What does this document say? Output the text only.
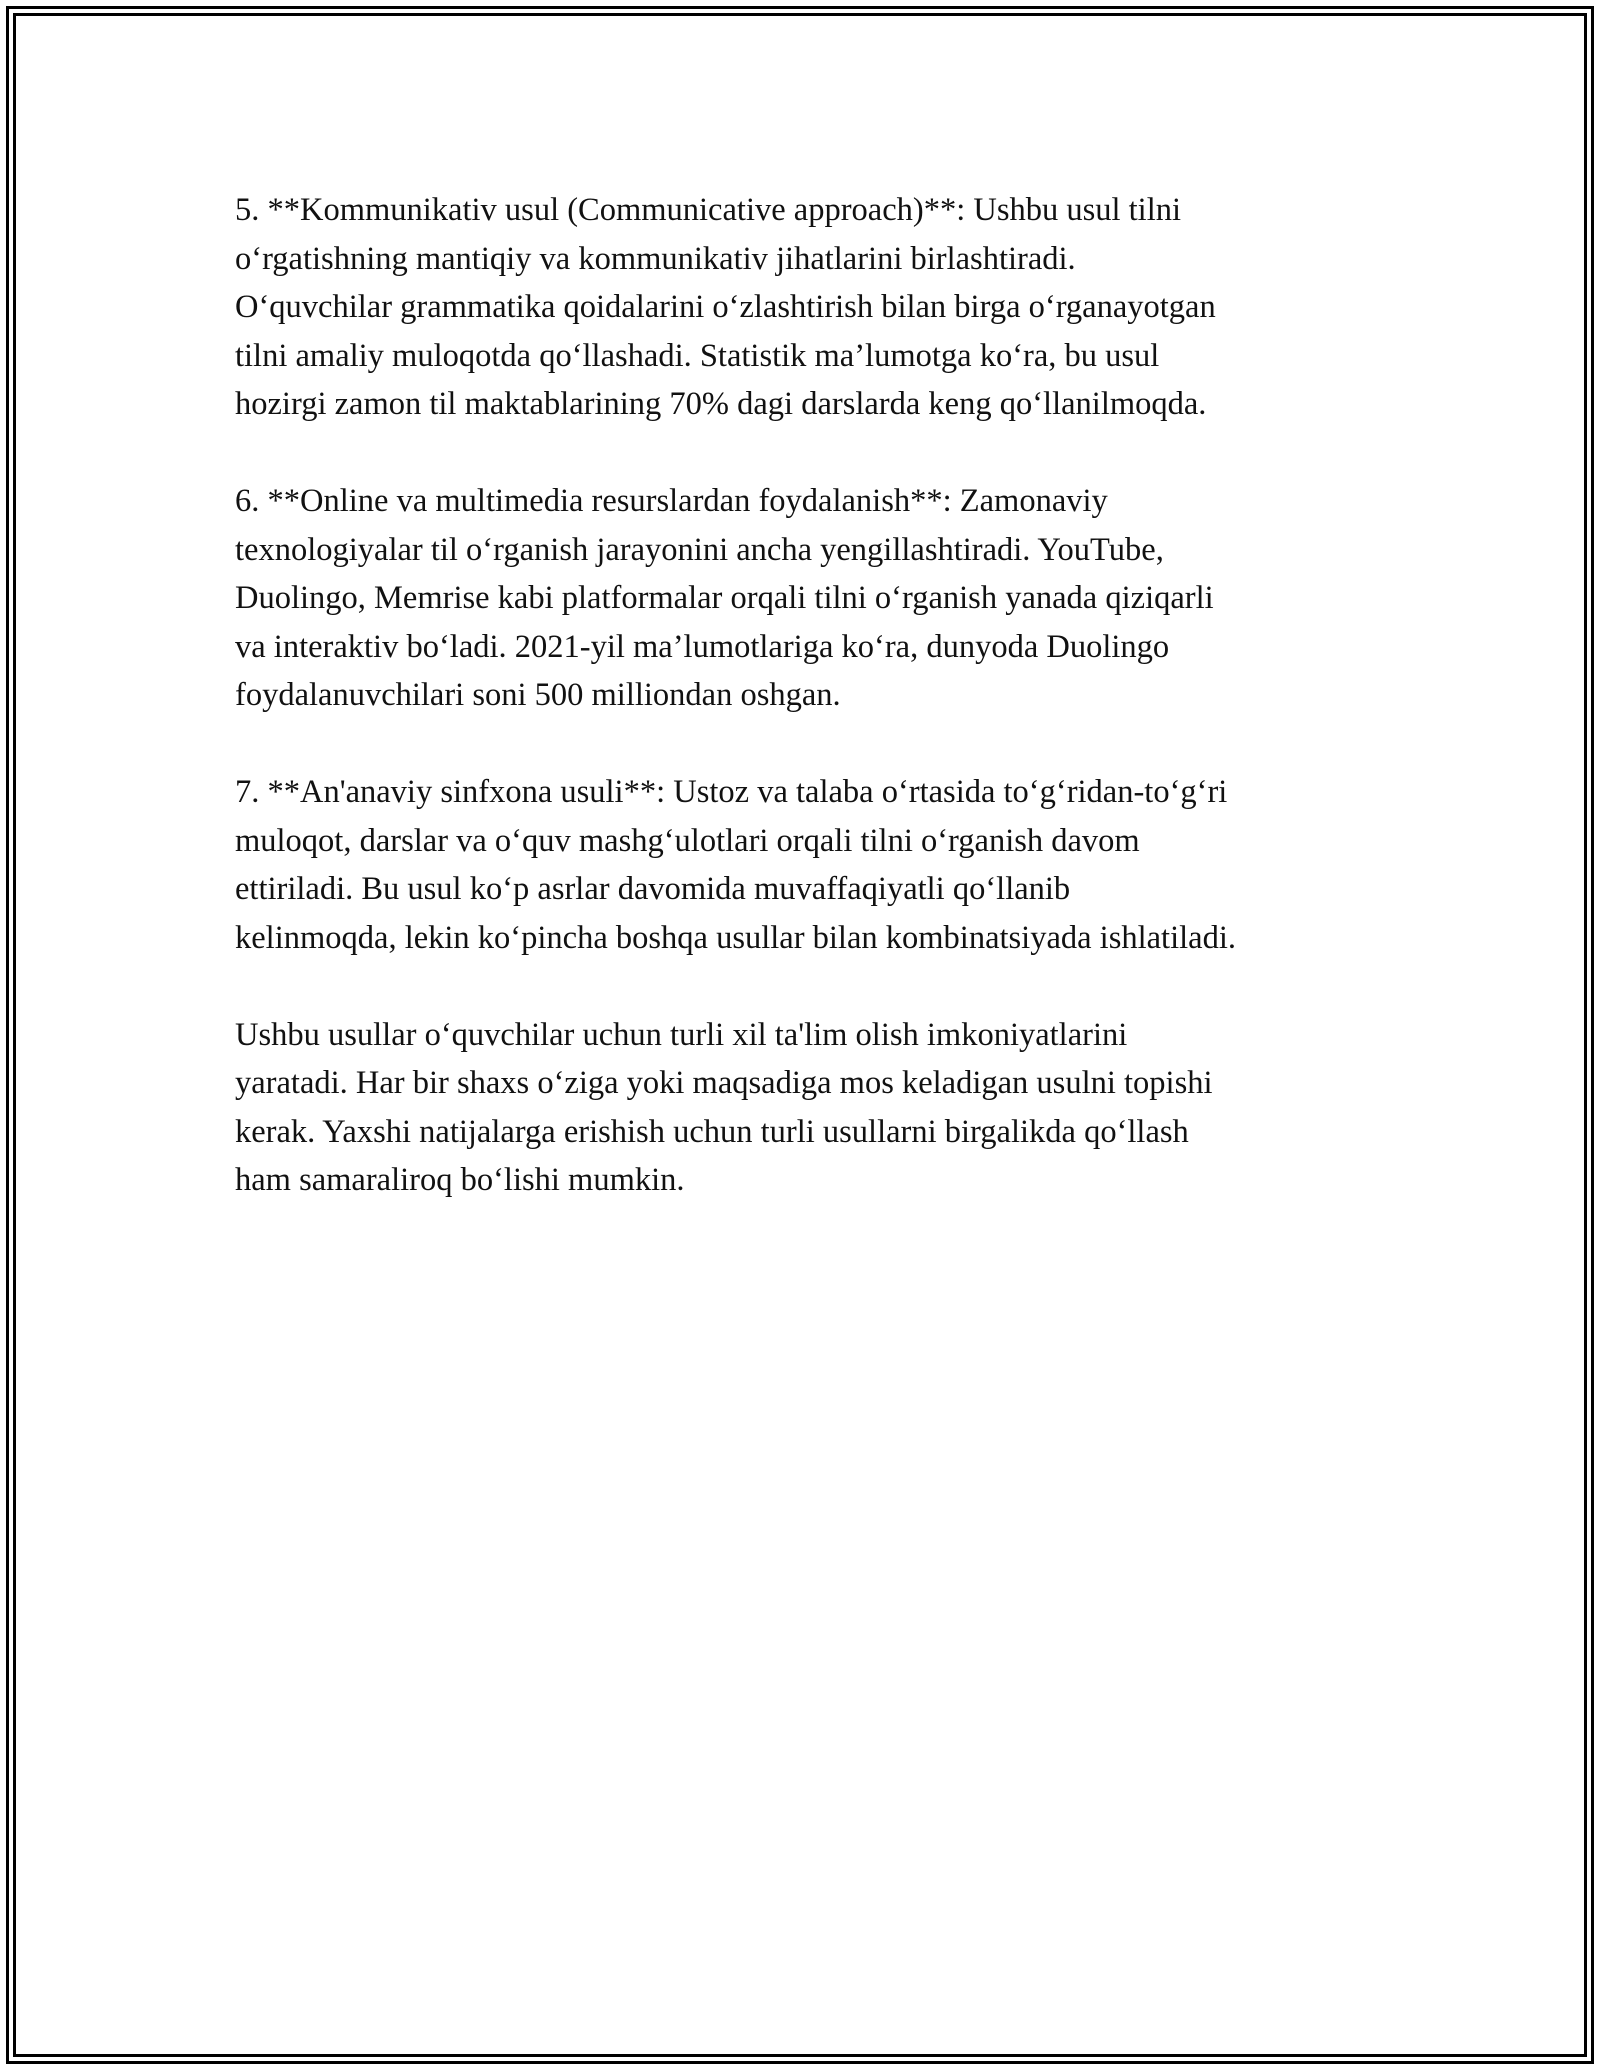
5. **Kommunikativ usul (Communicative approach)**: Ushbu usul tilni
o‘rgatishning mantiqiy va kommunikativ jihatlarini birlashtiradi.
O‘quvchilar grammatika qoidalarini o‘zlashtirish bilan birga o‘rganayotgan
tilni amaliy muloqotda qo‘llashadi. Statistik ma’lumotga ko‘ra, bu usul
hozirgi zamon til maktablarining 70% dagi darslarda keng qo‘llanilmoqda.

6. **Online va multimedia resurslardan foydalanish**: Zamonaviy
texnologiyalar til o‘rganish jarayonini ancha yengillashtiradi. YouTube,
Duolingo, Memrise kabi platformalar orqali tilni o‘rganish yanada qiziqarli
va interaktiv bo‘ladi. 2021-yil ma’lumotlariga ko‘ra, dunyoda Duolingo
foydalanuvchilari soni 500 milliondan oshgan.

7. **An'anaviy sinfxona usuli**: Ustoz va talaba o‘rtasida to‘g‘ridan-to‘g‘ri
muloqot, darslar va o‘quv mashg‘ulotlari orqali tilni o‘rganish davom
ettiriladi. Bu usul ko‘p asrlar davomida muvaffaqiyatli qo‘llanib
kelinmoqda, lekin ko‘pincha boshqa usullar bilan kombinatsiyada ishlatiladi.

Ushbu usullar o‘quvchilar uchun turli xil ta'lim olish imkoniyatlarini
yaratadi. Har bir shaxs o‘ziga yoki maqsadiga mos keladigan usulni topishi
kerak. Yaxshi natijalarga erishish uchun turli usullarni birgalikda qo‘llash
ham samaraliroq bo‘lishi mumkin.
